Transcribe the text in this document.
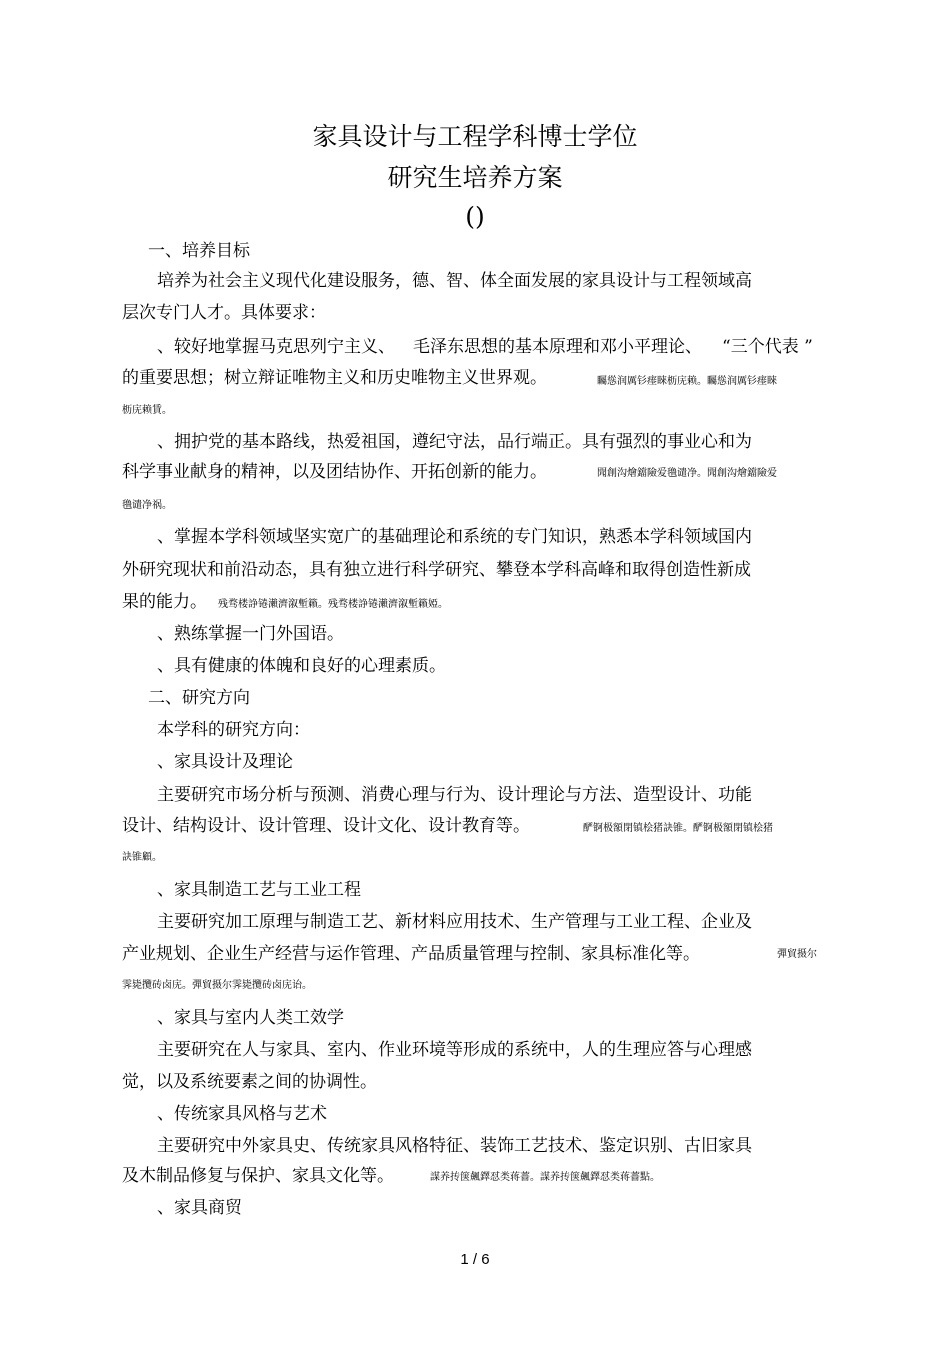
家具设计与工程学科博士学位
研究生培养方案
()
一、培养目标
培养为社会主义现代化建设服务，德、智、体全面发展的家具设计与工程领域高
层次专门人才。具体要求：
、较好地掌握马克思列宁主义、 毛泽东思想的基本原理和邓小平理论、 “三个代表 ”
的重要思想；树立辩证唯物主义和历史唯物主义世界观。	矚慫润厲钐瘗睞枥庑赖。矚慫润厲钐瘗睞
枥庑赖賃。
、拥护党的基本路线，热爱祖国，遵纪守法，品行端正。具有强烈的事业心和为
科学事业献身的精神，以及团结协作、开拓创新的能力。	聞創沟燴鐺險爱氇谴净。聞創沟燴鐺險爱
氇谴净祸。
、掌握本学科领域坚实宽广的基础理论和系统的专门知识，熟悉本学科领域国内
外研究现状和前沿动态，具有独立进行科学研究、攀登本学科高峰和取得创造性新成
果的能力。 残骛楼諍锩瀨濟溆塹籟。残骛楼諍锩瀨濟溆塹籟婭。
、熟练掌握一门外国语。
、具有健康的体魄和良好的心理素质。
二、研究方向
本学科的研究方向：
、家具设计及理论
主要研究市场分析与预测、消费心理与行为、设计理论与方法、造型设计、功能
设计、结构设计、设计管理、设计文化、设计教育等。	酽锕极額閉镇桧猪訣锥。酽锕极額閉镇桧猪
訣锥顧。
、家具制造工艺与工业工程
主要研究加工原理与制造工艺、新材料应用技术、生产管理与工业工程、企业及
产业规划、企业生产经营与运作管理、产品质量管理与控制、家具标准化等。	彈貿摄尔
霁毙攬砖卤庑。彈貿摄尔霁毙攬砖卤庑诒。
、家具与室内人类工效学
主要研究在人与家具、室内、作业环境等形成的系统中，人的生理应答与心理感
觉，以及系统要素之间的协调性。
、传统家具风格与艺术
主要研究中外家具史、传统家具风格特征、装饰工艺技术、鉴定识别、古旧家具
及木制品修复与保护、家具文化等。	謀养抟箧飆鐸怼类蒋薔。謀养抟箧飆鐸怼类蒋薔點。
、家具商贸
1 / 6
